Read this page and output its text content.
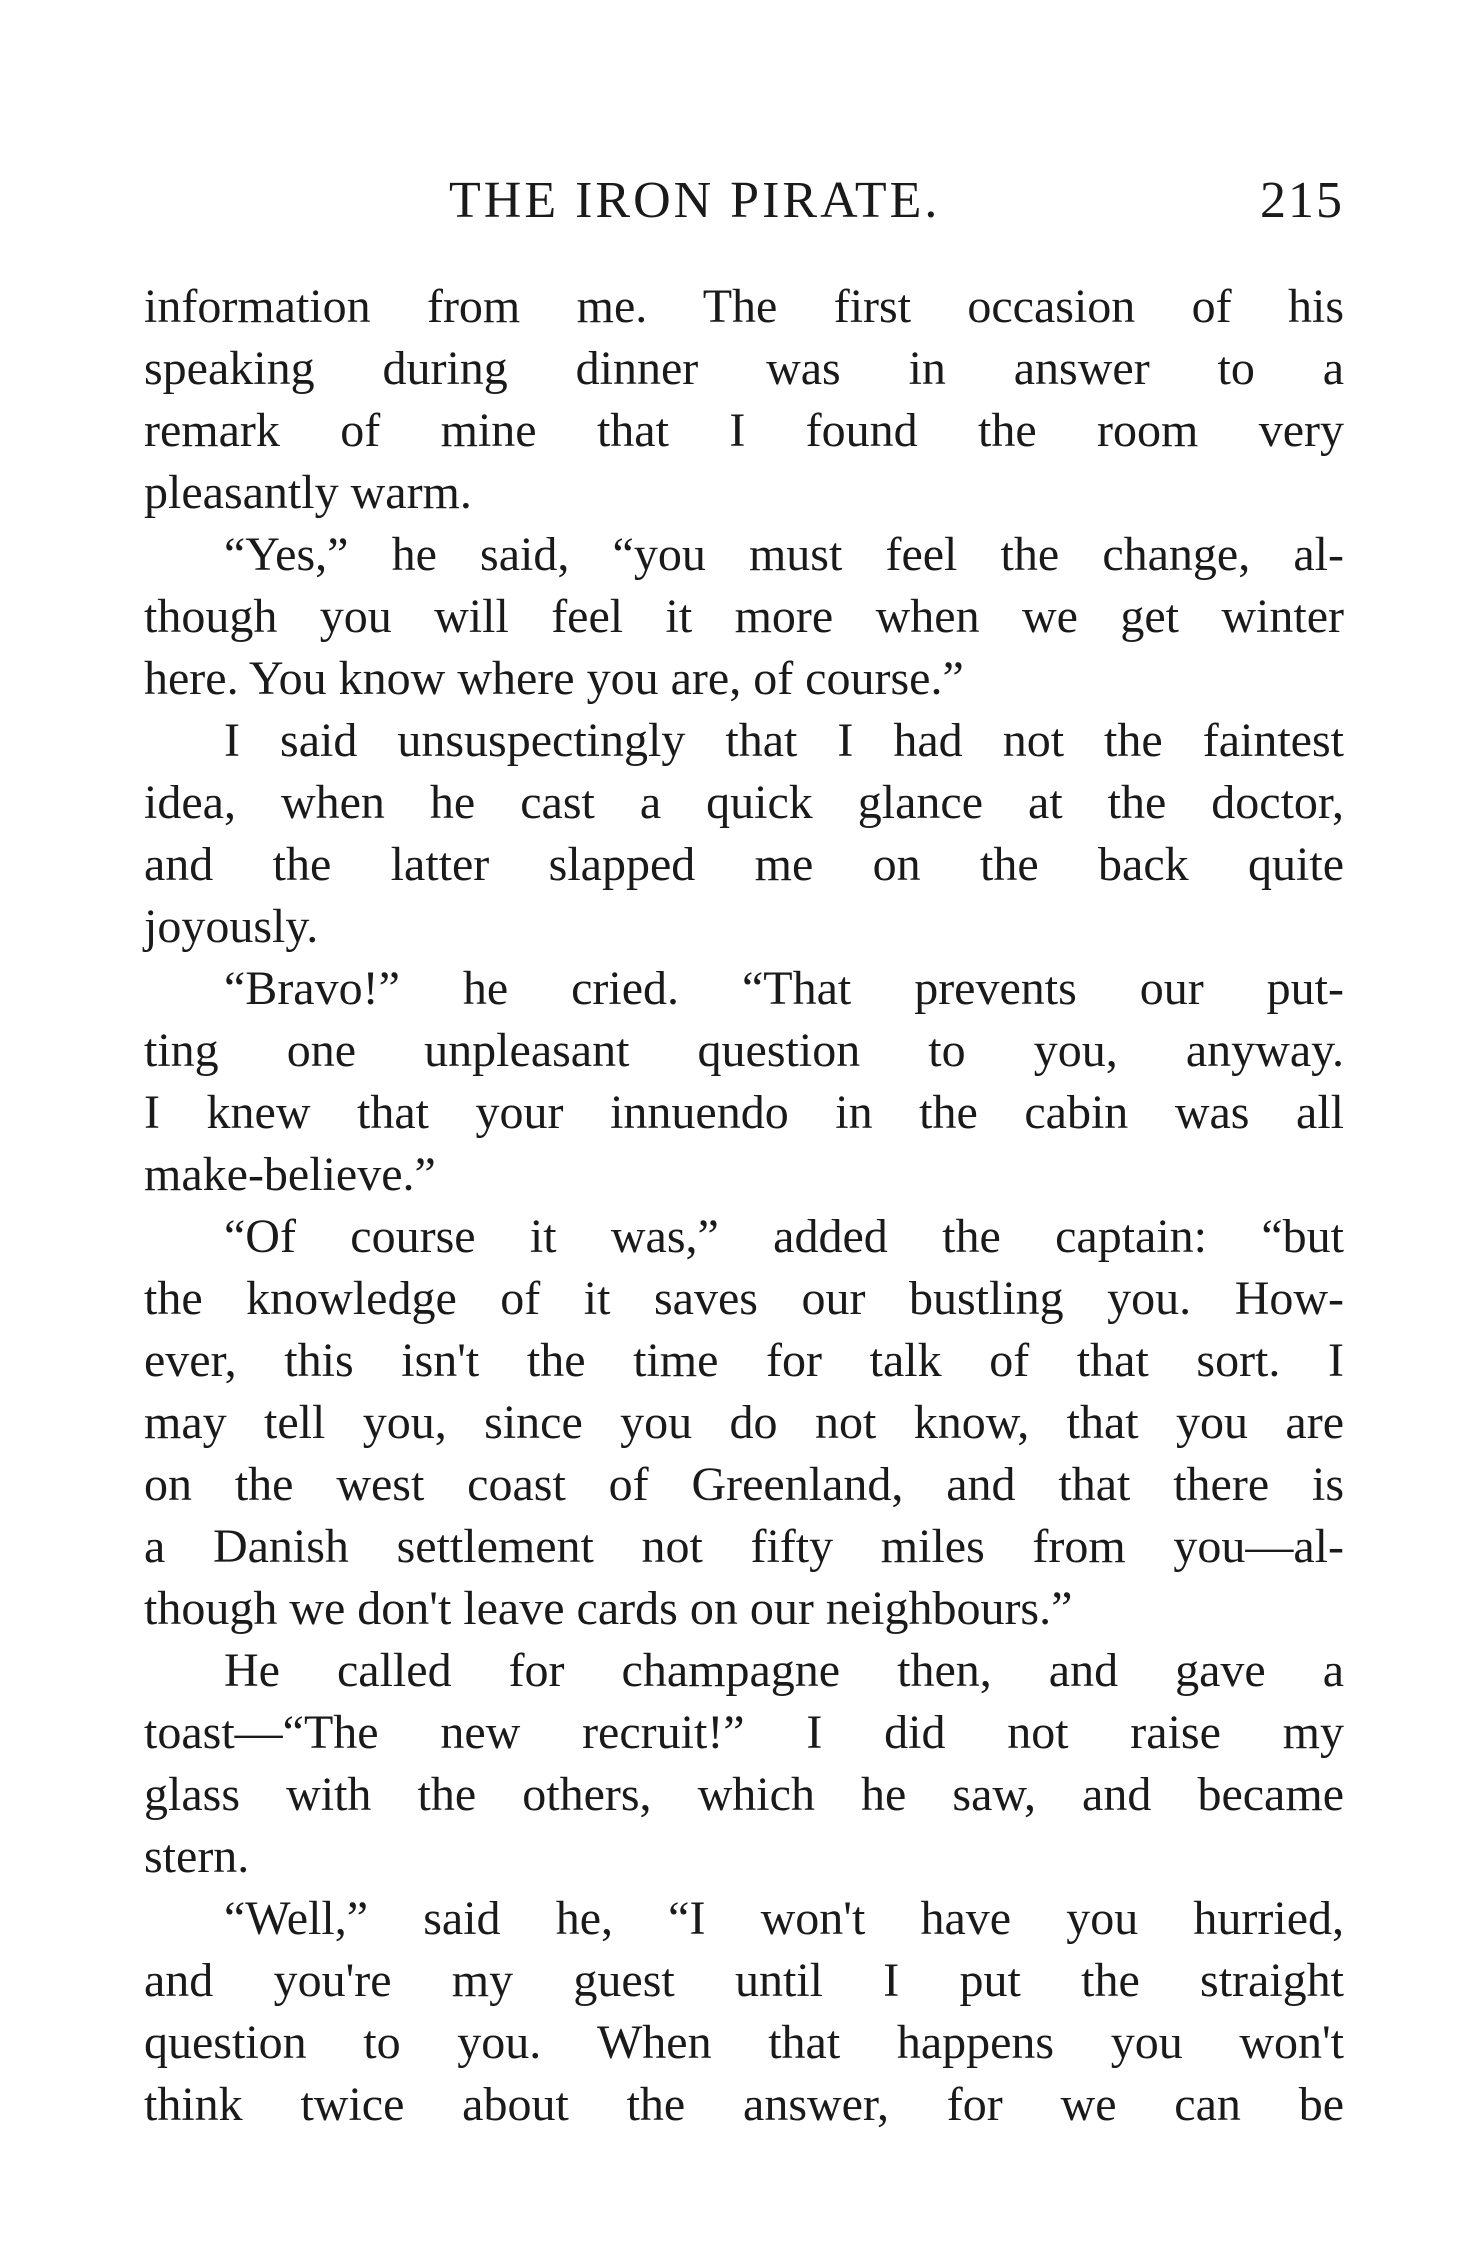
THE IRON PIRATE.	215
information from me. The first occasion of his
speaking during dinner was in answer to a
remark of mine that I found the room very
pleasantly warm.
“Yes,” he said, “you must feel the change, al-
though you will feel it more when we get winter
here. You know where you are, of course.”
I said unsuspectingly that I had not the faintest
idea, when he cast a quick glance at the doctor,
and the latter slapped me on the back quite
joyously.
“Bravo!” he cried. “That prevents our put-
ting one unpleasant question to you, anyway.
I knew that your innuendo in the cabin was all
make-believe.”
“Of course it was,” added the captain: “but
the knowledge of it saves our bustling you. How-
ever, this isn't the time for talk of that sort. I
may tell you, since you do not know, that you are
on the west coast of Greenland, and that there is
a Danish settlement not fifty miles from you—al-
though we don't leave cards on our neighbours.”
He called for champagne then, and gave a
toast—“The new recruit!” I did not raise my
glass with the others, which he saw, and became
stern.
“Well,” said he, “I won't have you hurried,
and you're my guest until I put the straight
question to you. When that happens you won't
think twice about the answer, for we can be
